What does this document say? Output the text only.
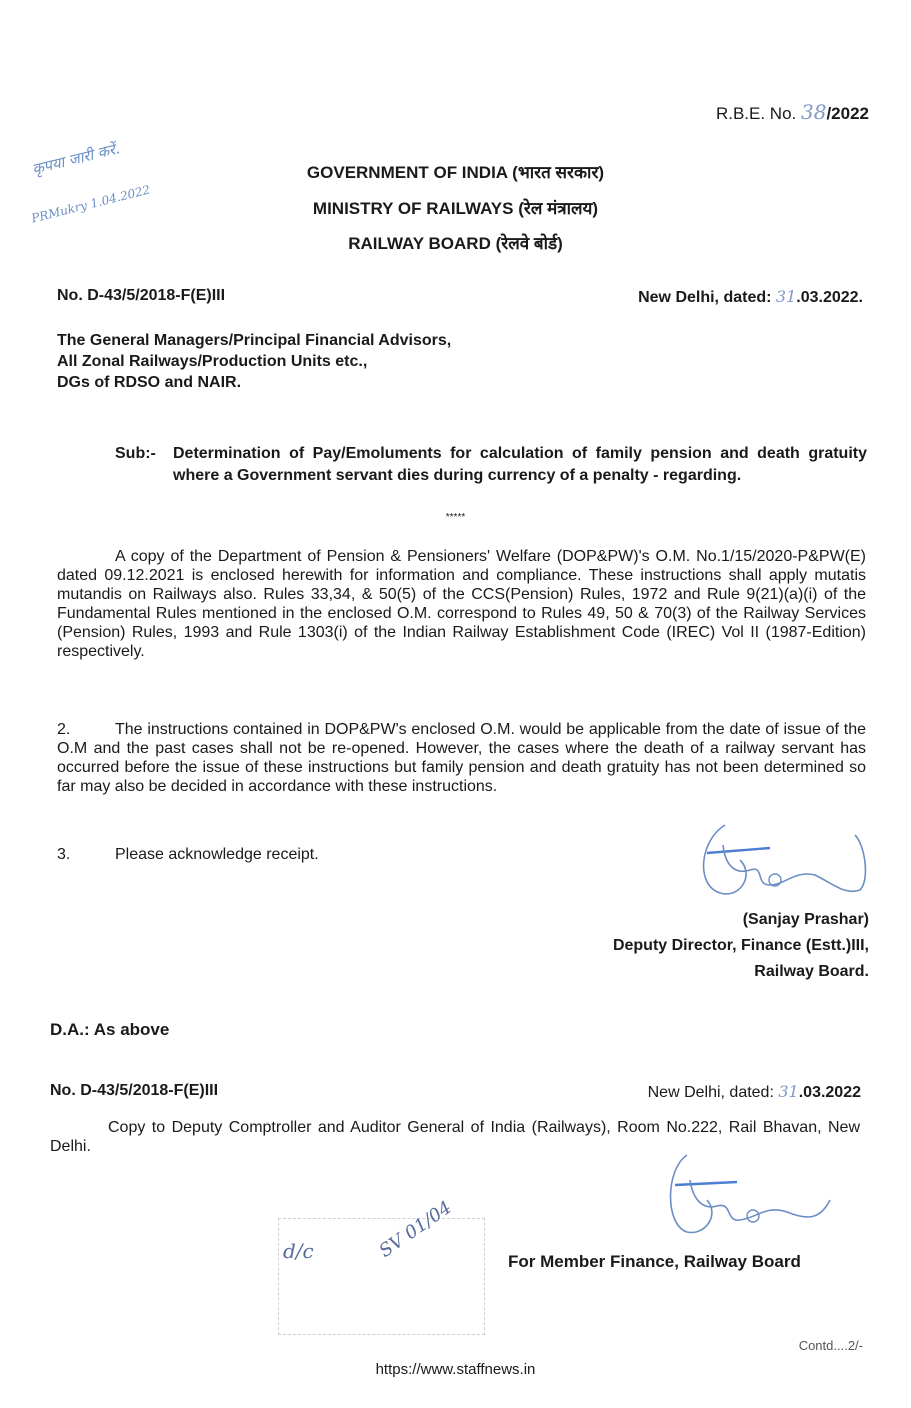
R.B.E. No. 38/2022
कृपया जारी करें.
PRMukry 1.04.2022
GOVERNMENT OF INDIA (भारत सरकार)
MINISTRY OF RAILWAYS (रेल मंत्रालय)
RAILWAY BOARD (रेलवे बोर्ड)
No. D-43/5/2018-F(E)III	New Delhi, dated: 31.03.2022.
The General Managers/Principal Financial Advisors,
All Zonal Railways/Production Units etc.,
DGs of RDSO and NAIR.
Sub:-	Determination of Pay/Emoluments for calculation of family pension and death gratuity where a Government servant dies during currency of a penalty - regarding.
*****
A copy of the Department of Pension & Pensioners' Welfare (DOP&PW)'s O.M. No.1/15/2020-P&PW(E) dated 09.12.2021 is enclosed herewith for information and compliance. These instructions shall apply mutatis mutandis on Railways also. Rules 33,34, & 50(5) of the CCS(Pension) Rules, 1972 and Rule 9(21)(a)(i) of the Fundamental Rules mentioned in the enclosed O.M. correspond to Rules 49, 50 & 70(3) of the Railway Services (Pension) Rules, 1993 and Rule 1303(i) of the Indian Railway Establishment Code (IREC) Vol II (1987-Edition) respectively.
2.	The instructions contained in DOP&PW's enclosed O.M. would be applicable from the date of issue of the O.M and the past cases shall not be re-opened. However, the cases where the death of a railway servant has occurred before the issue of these instructions but family pension and death gratuity has not been determined so far may also be decided in accordance with these instructions.
3.	Please acknowledge receipt.
(Sanjay Prashar)
Deputy Director, Finance (Estt.)III,
Railway Board.
D.A.: As above
No. D-43/5/2018-F(E)III	New Delhi, dated: 31.03.2022
Copy to Deputy Comptroller and Auditor General of India (Railways), Room No.222, Rail Bhavan, New Delhi.
d/c	SV 01/04	For Member Finance, Railway Board
Contd....2/-
https://www.staffnews.in
